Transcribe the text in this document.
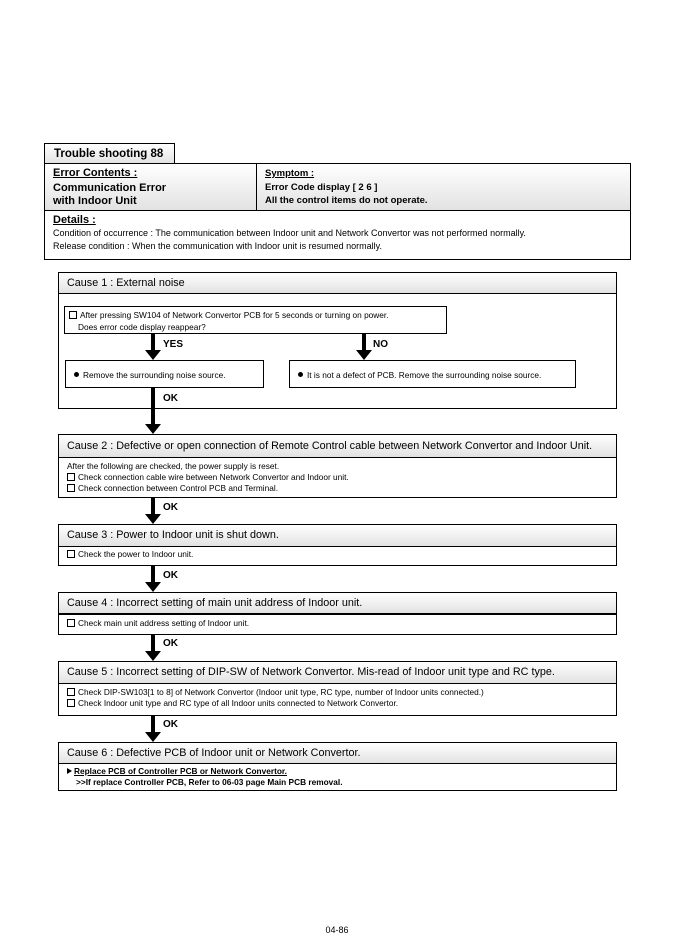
Trouble shooting 88
Error Contents :
Communication Error
with Indoor Unit
Symptom :
Error Code display [ 2 6 ]
All the control items do not operate.
Details :
Condition of occurrence : The communication between Indoor unit and Network Convertor was not performed normally.
Release condition : When the communication with Indoor unit is resumed normally.
Cause 1 : External noise
After pressing SW104 of Network Convertor PCB for 5 seconds or turning on power.
Does error code display reappear?
YES	NO
Remove the surrounding noise source.	It is not a defect of PCB. Remove the surrounding noise source.
OK
Cause 2 : Defective or open connection of Remote Control cable between Network Convertor and Indoor Unit.
After the following are checked, the power supply is reset.
Check connection cable wire between Network Convertor and Indoor unit.
Check connection between Control PCB and Terminal.
OK
Cause 3 : Power to Indoor unit is shut down.
Check the power to Indoor unit.
OK
Cause 4 : Incorrect setting of main unit address of Indoor unit.
Check main unit address setting of Indoor unit.
OK
Cause 5 : Incorrect setting of DIP-SW of Network Convertor. Mis-read of Indoor unit type and RC type.
Check DIP-SW103[1 to 8] of Network Convertor (Indoor unit type, RC type, number of Indoor units connected.)
Check Indoor unit type and RC type of all Indoor units connected to Network Convertor.
OK
Cause 6 : Defective PCB of Indoor unit or Network Convertor.
Replace PCB of Controller PCB or Network Convertor.
>>If replace Controller PCB, Refer to 06-03 page Main PCB removal.
04-86
